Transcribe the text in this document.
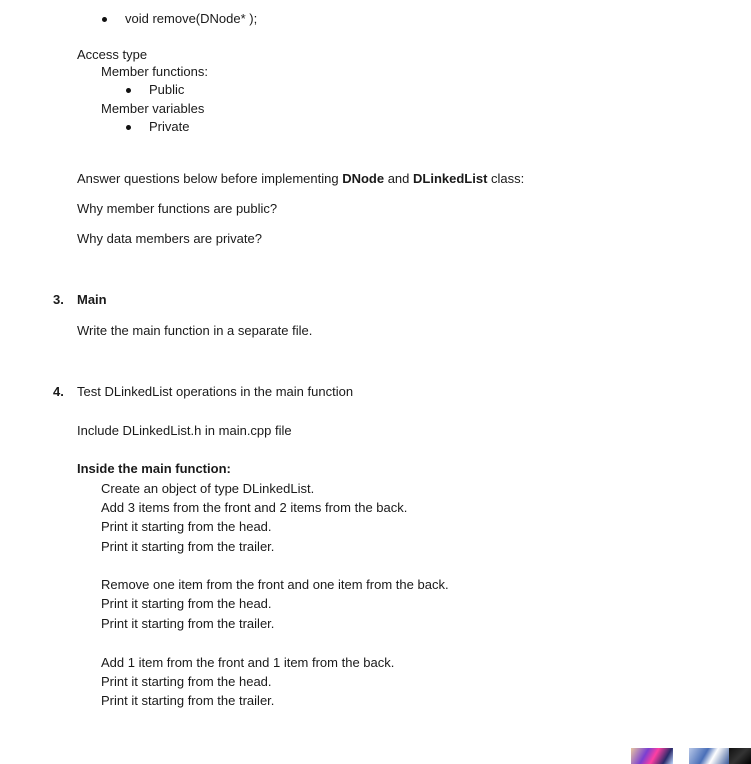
void remove(DNode* );
Access type
Member functions:
Public
Member variables
Private
Answer questions below before implementing DNode and DLinkedList class:
Why member functions are public?
Why data members are private?
3. Main
Write the main function in a separate file.
4. Test DLinkedList operations in the main function
Include DLinkedList.h in main.cpp file
Inside the main function:
Create an object of type DLinkedList.
Add 3 items from the front and 2 items from the back.
Print it starting from the head.
Print it starting from the trailer.
Remove one item from the front and one item from the back.
Print it starting from the head.
Print it starting from the trailer.
Add 1 item from the front and 1 item from the back.
Print it starting from the head.
Print it starting from the trailer.
